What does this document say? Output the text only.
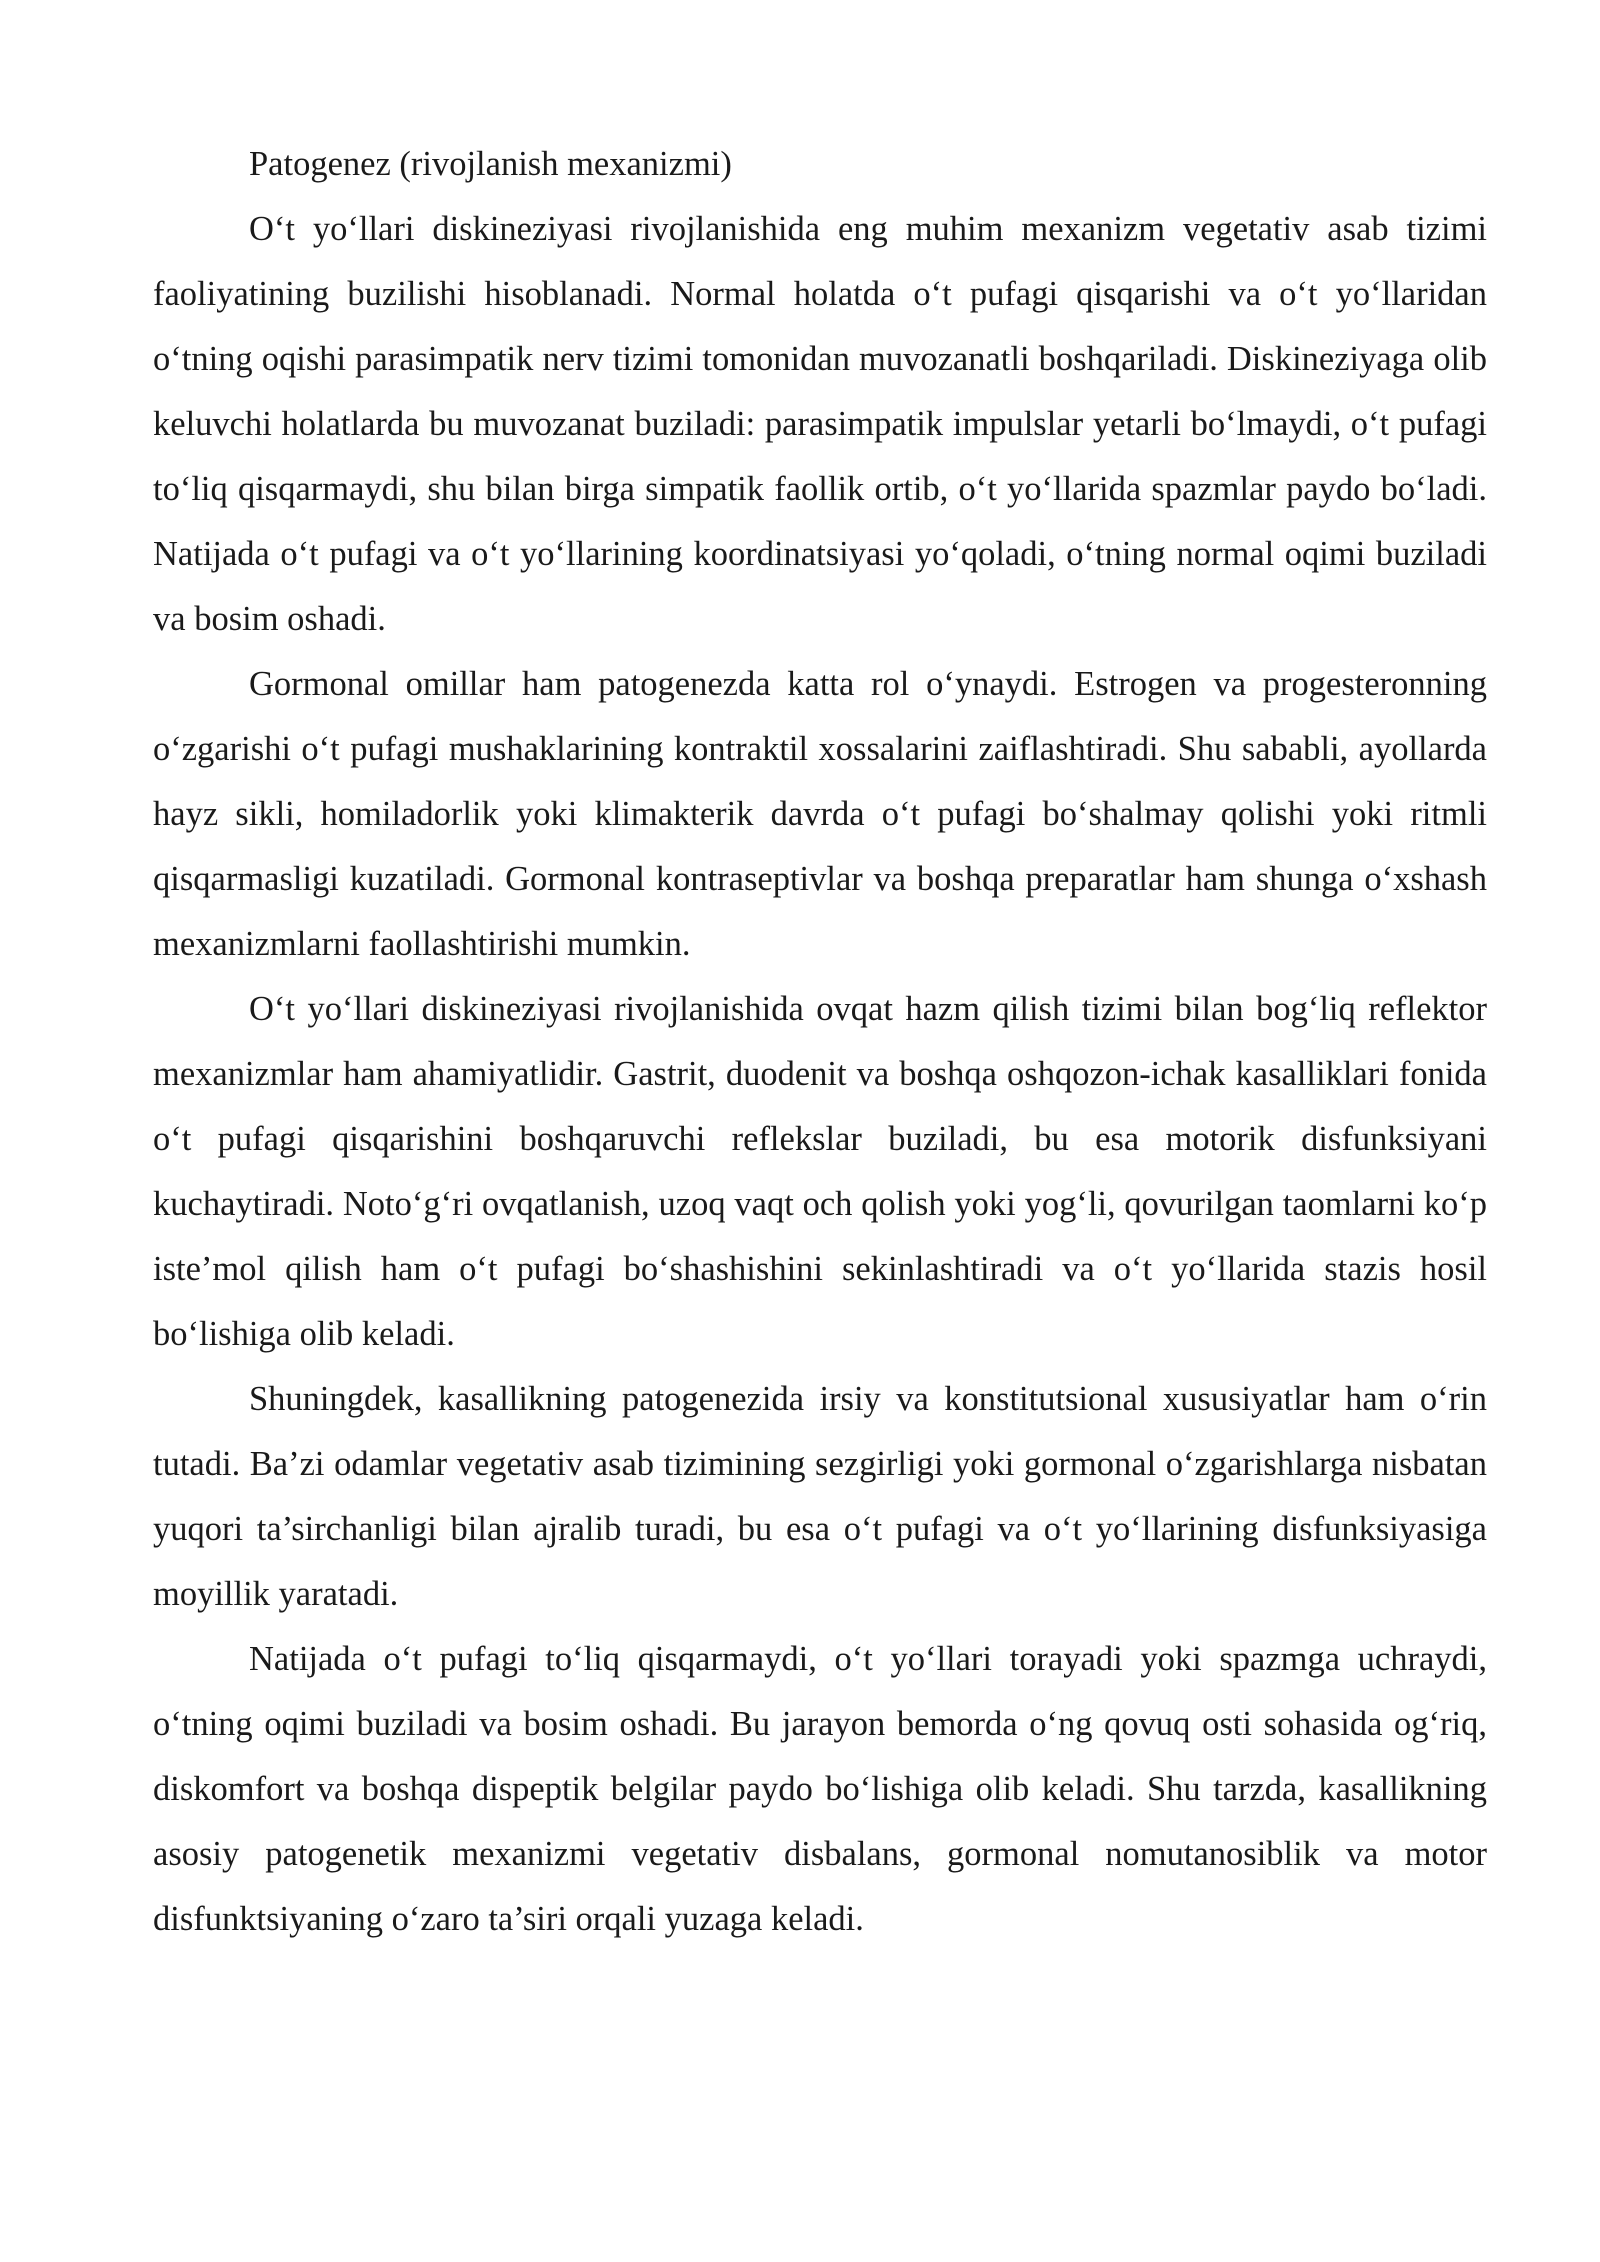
Patogenez (rivojlanish mexanizmi)

O‘t yo‘llari diskineziyasi rivojlanishida eng muhim mexanizm vegetativ asab tizimi faoliyatining buzilishi hisoblanadi. Normal holatda o‘t pufagi qisqarishi va o‘t yo‘llaridan o‘tning oqishi parasimpatik nerv tizimi tomonidan muvozanatli boshqariladi. Diskineziyaga olib keluvchi holatlarda bu muvozanat buziladi: parasimpatik impulslar yetarli bo‘lmaydi, o‘t pufagi to‘liq qisqarmaydi, shu bilan birga simpatik faollik ortib, o‘t yo‘llarida spazmlar paydo bo‘ladi. Natijada o‘t pufagi va o‘t yo‘llarining koordinatsiyasi yo‘qoladi, o‘tning normal oqimi buziladi va bosim oshadi.

Gormonal omillar ham patogenezda katta rol o‘ynaydi. Estrogen va progesteronning o‘zgarishi o‘t pufagi mushaklarining kontraktil xossalarini zaiflashtiradi. Shu sababli, ayollarda hayz sikli, homiladorlik yoki klimakterik davrda o‘t pufagi bo‘shalmay qolishi yoki ritmli qisqarmasligi kuzatiladi. Gormonal kontraseptivlar va boshqa preparatlar ham shunga o‘xshash mexanizmlarni faollashtirishi mumkin.

O‘t yo‘llari diskineziyasi rivojlanishida ovqat hazm qilish tizimi bilan bog‘liq reflektor mexanizmlar ham ahamiyatlidir. Gastrit, duodenit va boshqa oshqozon-ichak kasalliklari fonida o‘t pufagi qisqarishini boshqaruvchi reflekslar buziladi, bu esa motorik disfunksiyani kuchaytiradi. Noto‘g‘ri ovqatlanish, uzoq vaqt och qolish yoki yog‘li, qovurilgan taomlarni ko‘p iste’mol qilish ham o‘t pufagi bo‘shashishini sekinlashtiradi va o‘t yo‘llarida stazis hosil bo‘lishiga olib keladi.

Shuningdek, kasallikning patogenezida irsiy va konstitutsional xususiyatlar ham o‘rin tutadi. Ba’zi odamlar vegetativ asab tizimining sezgirligi yoki gormonal o‘zgarishlarga nisbatan yuqori ta’sirchanligi bilan ajralib turadi, bu esa o‘t pufagi va o‘t yo‘llarining disfunksiyasiga moyillik yaratadi.

Natijada o‘t pufagi to‘liq qisqarmaydi, o‘t yo‘llari torayadi yoki spazmga uchraydi, o‘tning oqimi buziladi va bosim oshadi. Bu jarayon bemorda o‘ng qovuq osti sohasida og‘riq, diskomfort va boshqa dispeptik belgilar paydo bo‘lishiga olib keladi. Shu tarzda, kasallikning asosiy patogenetik mexanizmi vegetativ disbalans, gormonal nomutanosiblik va motor disfunktsiyaning o‘zaro ta’siri orqali yuzaga keladi.
